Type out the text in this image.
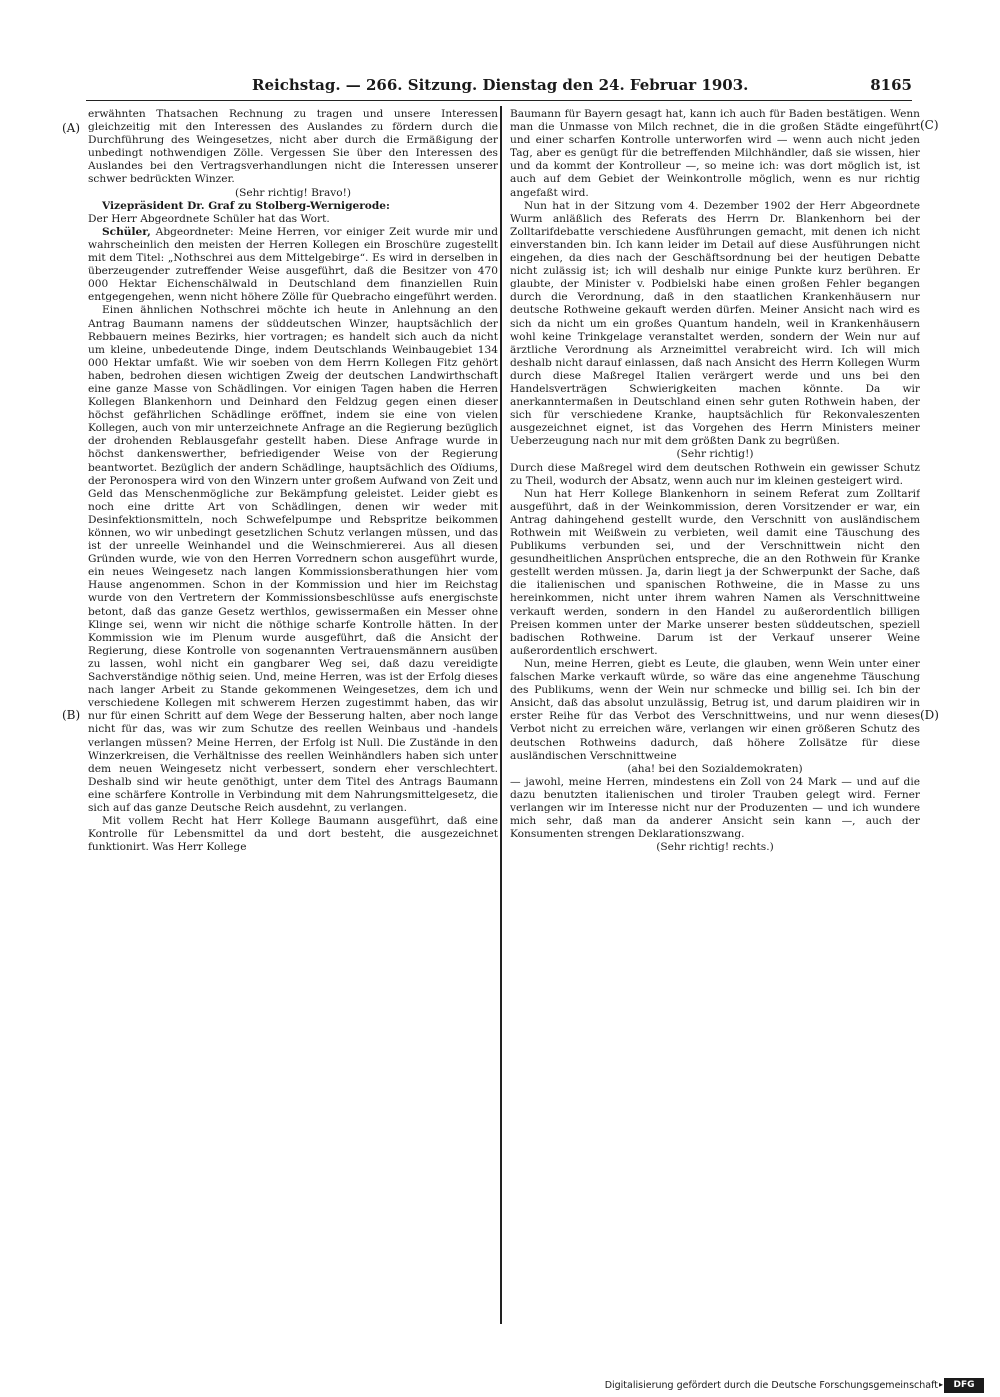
Reichstag. — 266. Sitzung. Dienstag den 24. Februar 1903.	8165
(A)
(B)
(C)
(D)

erwähnten Thatsachen Rechnung zu tragen und unsere Interessen gleichzeitig mit den Interessen des Auslandes zu fördern durch die Durchführung des Weingesetzes, nicht aber durch die Ermäßigung der unbedingt nothwendigen Zölle. Vergessen Sie über den Interessen des Auslandes bei den Vertragsverhandlungen nicht die Interessen unserer schwer bedrückten Winzer.

(Sehr richtig! Bravo!)

Vizepräsident Dr. Graf zu Stolberg-Wernigerode:

Der Herr Abgeordnete Schüler hat das Wort.

Schüler, Abgeordneter: Meine Herren, vor einiger Zeit wurde mir und wahrscheinlich den meisten der Herren Kollegen ein Broschüre zugestellt mit dem Titel: „Nothschrei aus dem Mittelgebirge“. Es wird in derselben in überzeugender zutreffender Weise ausgeführt, daß die Besitzer von 470 000 Hektar Eichenschälwald in Deutschland dem finanziellen Ruin entgegengehen, wenn nicht höhere Zölle für Quebracho eingeführt werden.

Einen ähnlichen Nothschrei möchte ich heute in Anlehnung an den Antrag Baumann namens der süddeutschen Winzer, hauptsächlich der Rebbauern meines Bezirks, hier vortragen; es handelt sich auch da nicht um kleine, unbedeutende Dinge, indem Deutschlands Weinbaugebiet 134 000 Hektar umfaßt. Wie wir soeben von dem Herrn Kollegen Fitz gehört haben, bedrohen diesen wichtigen Zweig der deutschen Landwirthschaft eine ganze Masse von Schädlingen. Vor einigen Tagen haben die Herren Kollegen Blankenhorn und Deinhard den Feldzug gegen einen dieser höchst gefährlichen Schädlinge eröffnet, indem sie eine von vielen Kollegen, auch von mir unterzeichnete Anfrage an die Regierung bezüglich der drohenden Reblausgefahr gestellt haben. Diese Anfrage wurde in höchst dankenswerther, befriedigender Weise von der Regierung beantwortet. Bezüglich der andern Schädlinge, hauptsächlich des Oïdiums, der Peronospera wird von den Winzern unter großem Aufwand von Zeit und Geld das Menschenmögliche zur Bekämpfung geleistet. Leider giebt es noch eine dritte Art von Schädlingen, denen wir weder mit Desinfektionsmitteln, noch Schwefelpumpe und Rebspritze beikommen können, wo wir unbedingt gesetzlichen Schutz verlangen müssen, und das ist der unreelle Weinhandel und die Weinschmiererei. Aus all diesen Gründen wurde, wie von den Herren Vorrednern schon ausgeführt wurde, ein neues Weingesetz nach langen Kommissionsberathungen hier vom Hause angenommen. Schon in der Kommission und hier im Reichstag wurde von den Vertretern der Kommissionsbeschlüsse aufs energischste betont, daß das ganze Gesetz werthlos, gewissermaßen ein Messer ohne Klinge sei, wenn wir nicht die nöthige scharfe Kontrolle hätten. In der Kommission wie im Plenum wurde ausgeführt, daß die Ansicht der Regierung, diese Kontrolle von sogenannten Vertrauensmännern ausüben zu lassen, wohl nicht ein gangbarer Weg sei, daß dazu vereidigte Sachverständige nöthig seien. Und, meine Herren, was ist der Erfolg dieses nach langer Arbeit zu Stande gekommenen Weingesetzes, dem ich und verschiedene Kollegen mit schwerem Herzen zugestimmt haben, das wir nur für einen Schritt auf dem Wege der Besserung halten, aber noch lange nicht für das, was wir zum Schutze des reellen Weinbaus und -handels verlangen müssen? Meine Herren, der Erfolg ist Null. Die Zustände in den Winzerkreisen, die Verhältnisse des reellen Weinhändlers haben sich unter dem neuen Weingesetz nicht verbessert, sondern eher verschlechtert. Deshalb sind wir heute genöthigt, unter dem Titel des Antrags Baumann eine schärfere Kontrolle in Verbindung mit dem Nahrungsmittelgesetz, die sich auf das ganze Deutsche Reich ausdehnt, zu verlangen.

Mit vollem Recht hat Herr Kollege Baumann ausgeführt, daß eine Kontrolle für Lebensmittel da und dort besteht, die ausgezeichnet funktionirt. Was Herr Kollege

Baumann für Bayern gesagt hat, kann ich auch für Baden bestätigen. Wenn man die Unmasse von Milch rechnet, die in die großen Städte eingeführt und einer scharfen Kontrolle unterworfen wird — wenn auch nicht jeden Tag, aber es genügt für die betreffenden Milchhändler, daß sie wissen, hier und da kommt der Kontrolleur —, so meine ich: was dort möglich ist, ist auch auf dem Gebiet der Weinkontrolle möglich, wenn es nur richtig angefaßt wird.

Nun hat in der Sitzung vom 4. Dezember 1902 der Herr Abgeordnete Wurm anläßlich des Referats des Herrn Dr. Blankenhorn bei der Zolltarifdebatte verschiedene Ausführungen gemacht, mit denen ich nicht einverstanden bin. Ich kann leider im Detail auf diese Ausführungen nicht eingehen, da dies nach der Geschäftsordnung bei der heutigen Debatte nicht zulässig ist; ich will deshalb nur einige Punkte kurz berühren. Er glaubte, der Minister v. Podbielski habe einen großen Fehler begangen durch die Verordnung, daß in den staatlichen Krankenhäusern nur deutsche Rothweine gekauft werden dürfen. Meiner Ansicht nach wird es sich da nicht um ein großes Quantum handeln, weil in Krankenhäusern wohl keine Trinkgelage veranstaltet werden, sondern der Wein nur auf ärztliche Verordnung als Arzneimittel verabreicht wird. Ich will mich deshalb nicht darauf einlassen, daß nach Ansicht des Herrn Kollegen Wurm durch diese Maßregel Italien verärgert werde und uns bei den Handelsverträgen Schwierigkeiten machen könnte. Da wir anerkanntermaßen in Deutschland einen sehr guten Rothwein haben, der sich für verschiedene Kranke, hauptsächlich für Rekonvaleszenten ausgezeichnet eignet, ist das Vorgehen des Herrn Ministers meiner Ueberzeugung nach nur mit dem größten Dank zu begrüßen.

(Sehr richtig!)

Durch diese Maßregel wird dem deutschen Rothwein ein gewisser Schutz zu Theil, wodurch der Absatz, wenn auch nur im kleinen gesteigert wird.

Nun hat Herr Kollege Blankenhorn in seinem Referat zum Zolltarif ausgeführt, daß in der Weinkommission, deren Vorsitzender er war, ein Antrag dahingehend gestellt wurde, den Verschnitt von ausländischem Rothwein mit Weißwein zu verbieten, weil damit eine Täuschung des Publikums verbunden sei, und der Verschnittwein nicht den gesundheitlichen Ansprüchen entspreche, die an den Rothwein für Kranke gestellt werden müssen. Ja, darin liegt ja der Schwerpunkt der Sache, daß die italienischen und spanischen Rothweine, die in Masse zu uns hereinkommen, nicht unter ihrem wahren Namen als Verschnittweine verkauft werden, sondern in den Handel zu außerordentlich billigen Preisen kommen unter der Marke unserer besten süddeutschen, speziell badischen Rothweine. Darum ist der Verkauf unserer Weine außerordentlich erschwert.

Nun, meine Herren, giebt es Leute, die glauben, wenn Wein unter einer falschen Marke verkauft würde, so wäre das eine angenehme Täuschung des Publikums, wenn der Wein nur schmecke und billig sei. Ich bin der Ansicht, daß das absolut unzulässig, Betrug ist, und darum plaidiren wir in erster Reihe für das Verbot des Verschnittweins, und nur wenn dieses Verbot nicht zu erreichen wäre, verlangen wir einen größeren Schutz des deutschen Rothweins dadurch, daß höhere Zollsätze für diese ausländischen Verschnittweine

(aha! bei den Sozialdemokraten)

— jawohl, meine Herren, mindestens ein Zoll von 24 Mark — und auf die dazu benutzten italienischen und tiroler Trauben gelegt wird. Ferner verlangen wir im Interesse nicht nur der Produzenten — und ich wundere mich sehr, daß man da anderer Ansicht sein kann —, auch der Konsumenten strengen Deklarationszwang.

(Sehr richtig! rechts.)

Digitalisierung gefördert durch die Deutsche Forschungsgemeinschaft ▸	DFG
